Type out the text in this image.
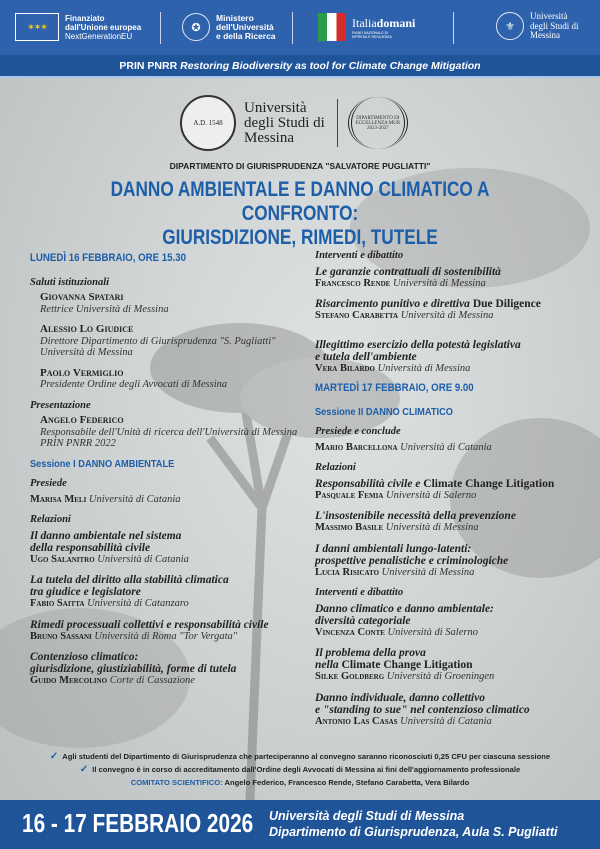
✶✶✶
Finanziato
dall'Unione europea
NextGenerationEU
✪
Ministero
dell'Università
e della Ricerca
Italiadomani
PIANO NAZIONALE DI RIPRESA E RESILIENZA
⚜
Università
degli Studi di
Messina
PRIN PNRR Restoring Biodiversity as tool for Climate Change Mitigation
A.D. 1548
Università
degli Studi di
Messina
DIPARTIMENTO DI ECCELLENZA MUR 2023-2027
DIPARTIMENTO DI GIURISPRUDENZA "SALVATORE PUGLIATTI"
DANNO AMBIENTALE E DANNO CLIMATICO A CONFRONTO:
GIURISDIZIONE, RIMEDI, TUTELE
LUNEDÌ 16 FEBBRAIO, ORE 15.30
Saluti istituzionali
Giovanna Spatari
Rettrice Università di Messina
Alessio Lo Giudice
Direttore Dipartimento di Giurisprudenza "S. Pugliatti"
Università di Messina
Paolo Vermiglio
Presidente Ordine degli Avvocati di Messina
Presentazione
Angelo Federico
Responsabile dell'Unità di ricerca dell'Università di Messina
PRIN PNRR 2022
Sessione I DANNO AMBIENTALE
Presiede
Marisa Meli Università di Catania
Relazioni
Il danno ambientale nel sistema
della responsabilità civile
Ugo Salanitro Università di Catania
La tutela del diritto alla stabilità climatica
tra giudice e legislatore
Fabio Saitta Università di Catanzaro
Rimedi processuali collettivi e responsabilità civile
Bruno Sassani Università di Roma "Tor Vergata"
Contenzioso climatico:
giurisdizione, giustiziabilità, forme di tutela
Guido Mercolino Corte di Cassazione
Interventi e dibattito
Le garanzie contrattuali di sostenibilità
Francesco Rende Università di Messina
Risarcimento punitivo e direttiva Due Diligence
Stefano Carabetta Università di Messina
Illegittimo esercizio della potestà legislativa
e tutela dell'ambiente
Vera Bilardo Università di Messina
MARTEDÌ 17 FEBBRAIO, ORE 9.00
Sessione II DANNO CLIMATICO
Presiede e conclude
Mario Barcellona Università di Catania
Relazioni
Responsabilità civile e Climate Change Litigation
Pasquale Femia Università di Salerno
L'insostenibile necessità della prevenzione
Massimo Basile Università di Messina
I danni ambientali lungo-latenti:
prospettive penalistiche e criminologiche
Lucia Risicato Università di Messina
Interventi e dibattito
Danno climatico e danno ambientale:
diversità categoriale
Vincenza Conte Università di Salerno
Il problema della prova
nella Climate Change Litigation
Silke Goldberg Università di Groeningen
Danno individuale, danno collettivo
e "standing to sue" nel contenzioso climatico
Antonio Las Casas Università di Catania
✓ Agli studenti del Dipartimento di Giurisprudenza che parteciperanno al convegno saranno riconosciuti 0,25 CFU per ciascuna sessione
✓ Il convegno è in corso di accreditamento dall'Ordine degli Avvocati di Messina ai fini dell'aggiornamento professionale
COMITATO SCIENTIFICO: Angelo Federico, Francesco Rende, Stefano Carabetta, Vera Bilardo
16 - 17 FEBBRAIO 2026 Università degli Studi di Messina
Dipartimento di Giurisprudenza, Aula S. Pugliatti
